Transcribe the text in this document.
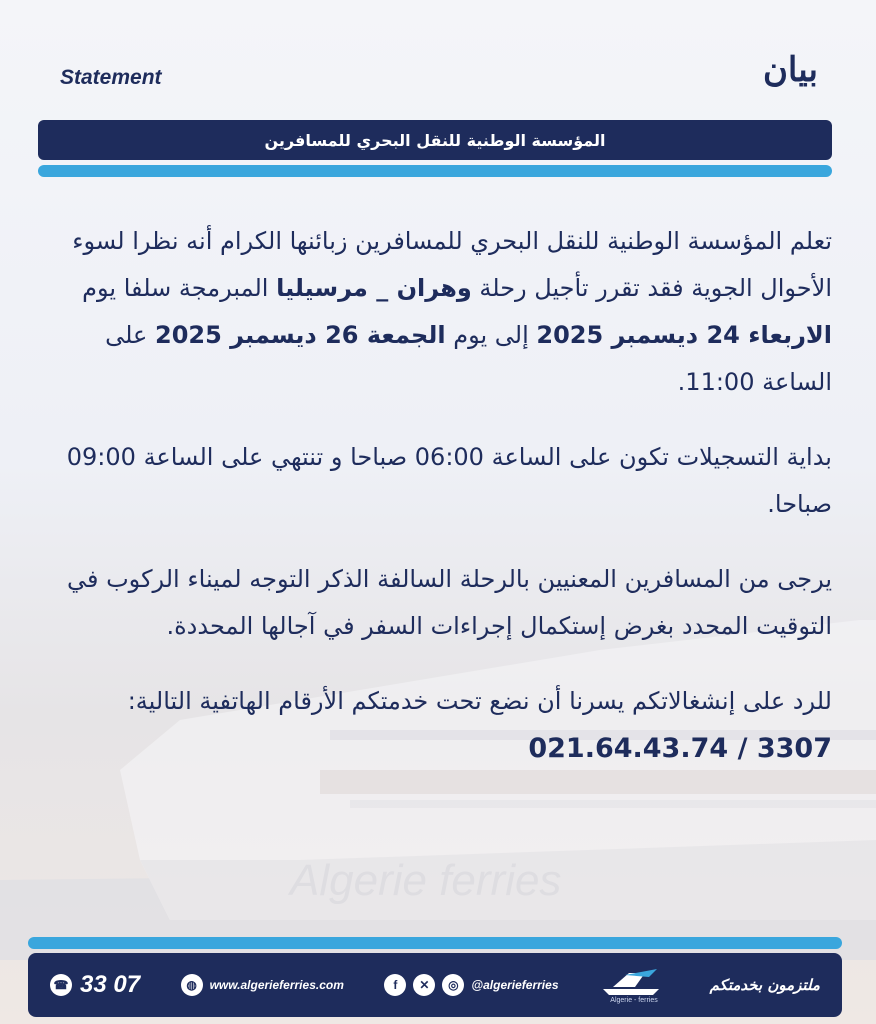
Algerie ferries
Statement	بيان
المؤسسة الوطنية للنقل البحري للمسافرين

تعلم المؤسسة الوطنية للنقل البحري للمسافرين زبائنها الكرام أنه نظرا لسوء الأحوال الجوية فقد تقرر تأجيل رحلة وهران _ مرسيليا المبرمجة سلفا يوم الاربعاء 24 ديسمبر 2025 إلى يوم الجمعة 26 ديسمبر 2025 على الساعة 11:00.

بداية التسجيلات تكون على الساعة 06:00 صباحا و تنتهي على الساعة 09:00 صباحا.

يرجى من المسافرين المعنيين بالرحلة السالفة الذكر التوجه لميناء الركوب في التوقيت المحدد بغرض إستكمال إجراءات السفر في آجالها المحددة.

للرد على إنشغالاتكم يسرنا أن نضع تحت خدمتكم الأرقام الهاتفية التالية:
021.64.43.74 / 3307

☎ 33 07	◍	www.algerieferries.com	f	✕	◎	@algerieferries
Algerie - ferries
ملتزمون بخدمتكم
